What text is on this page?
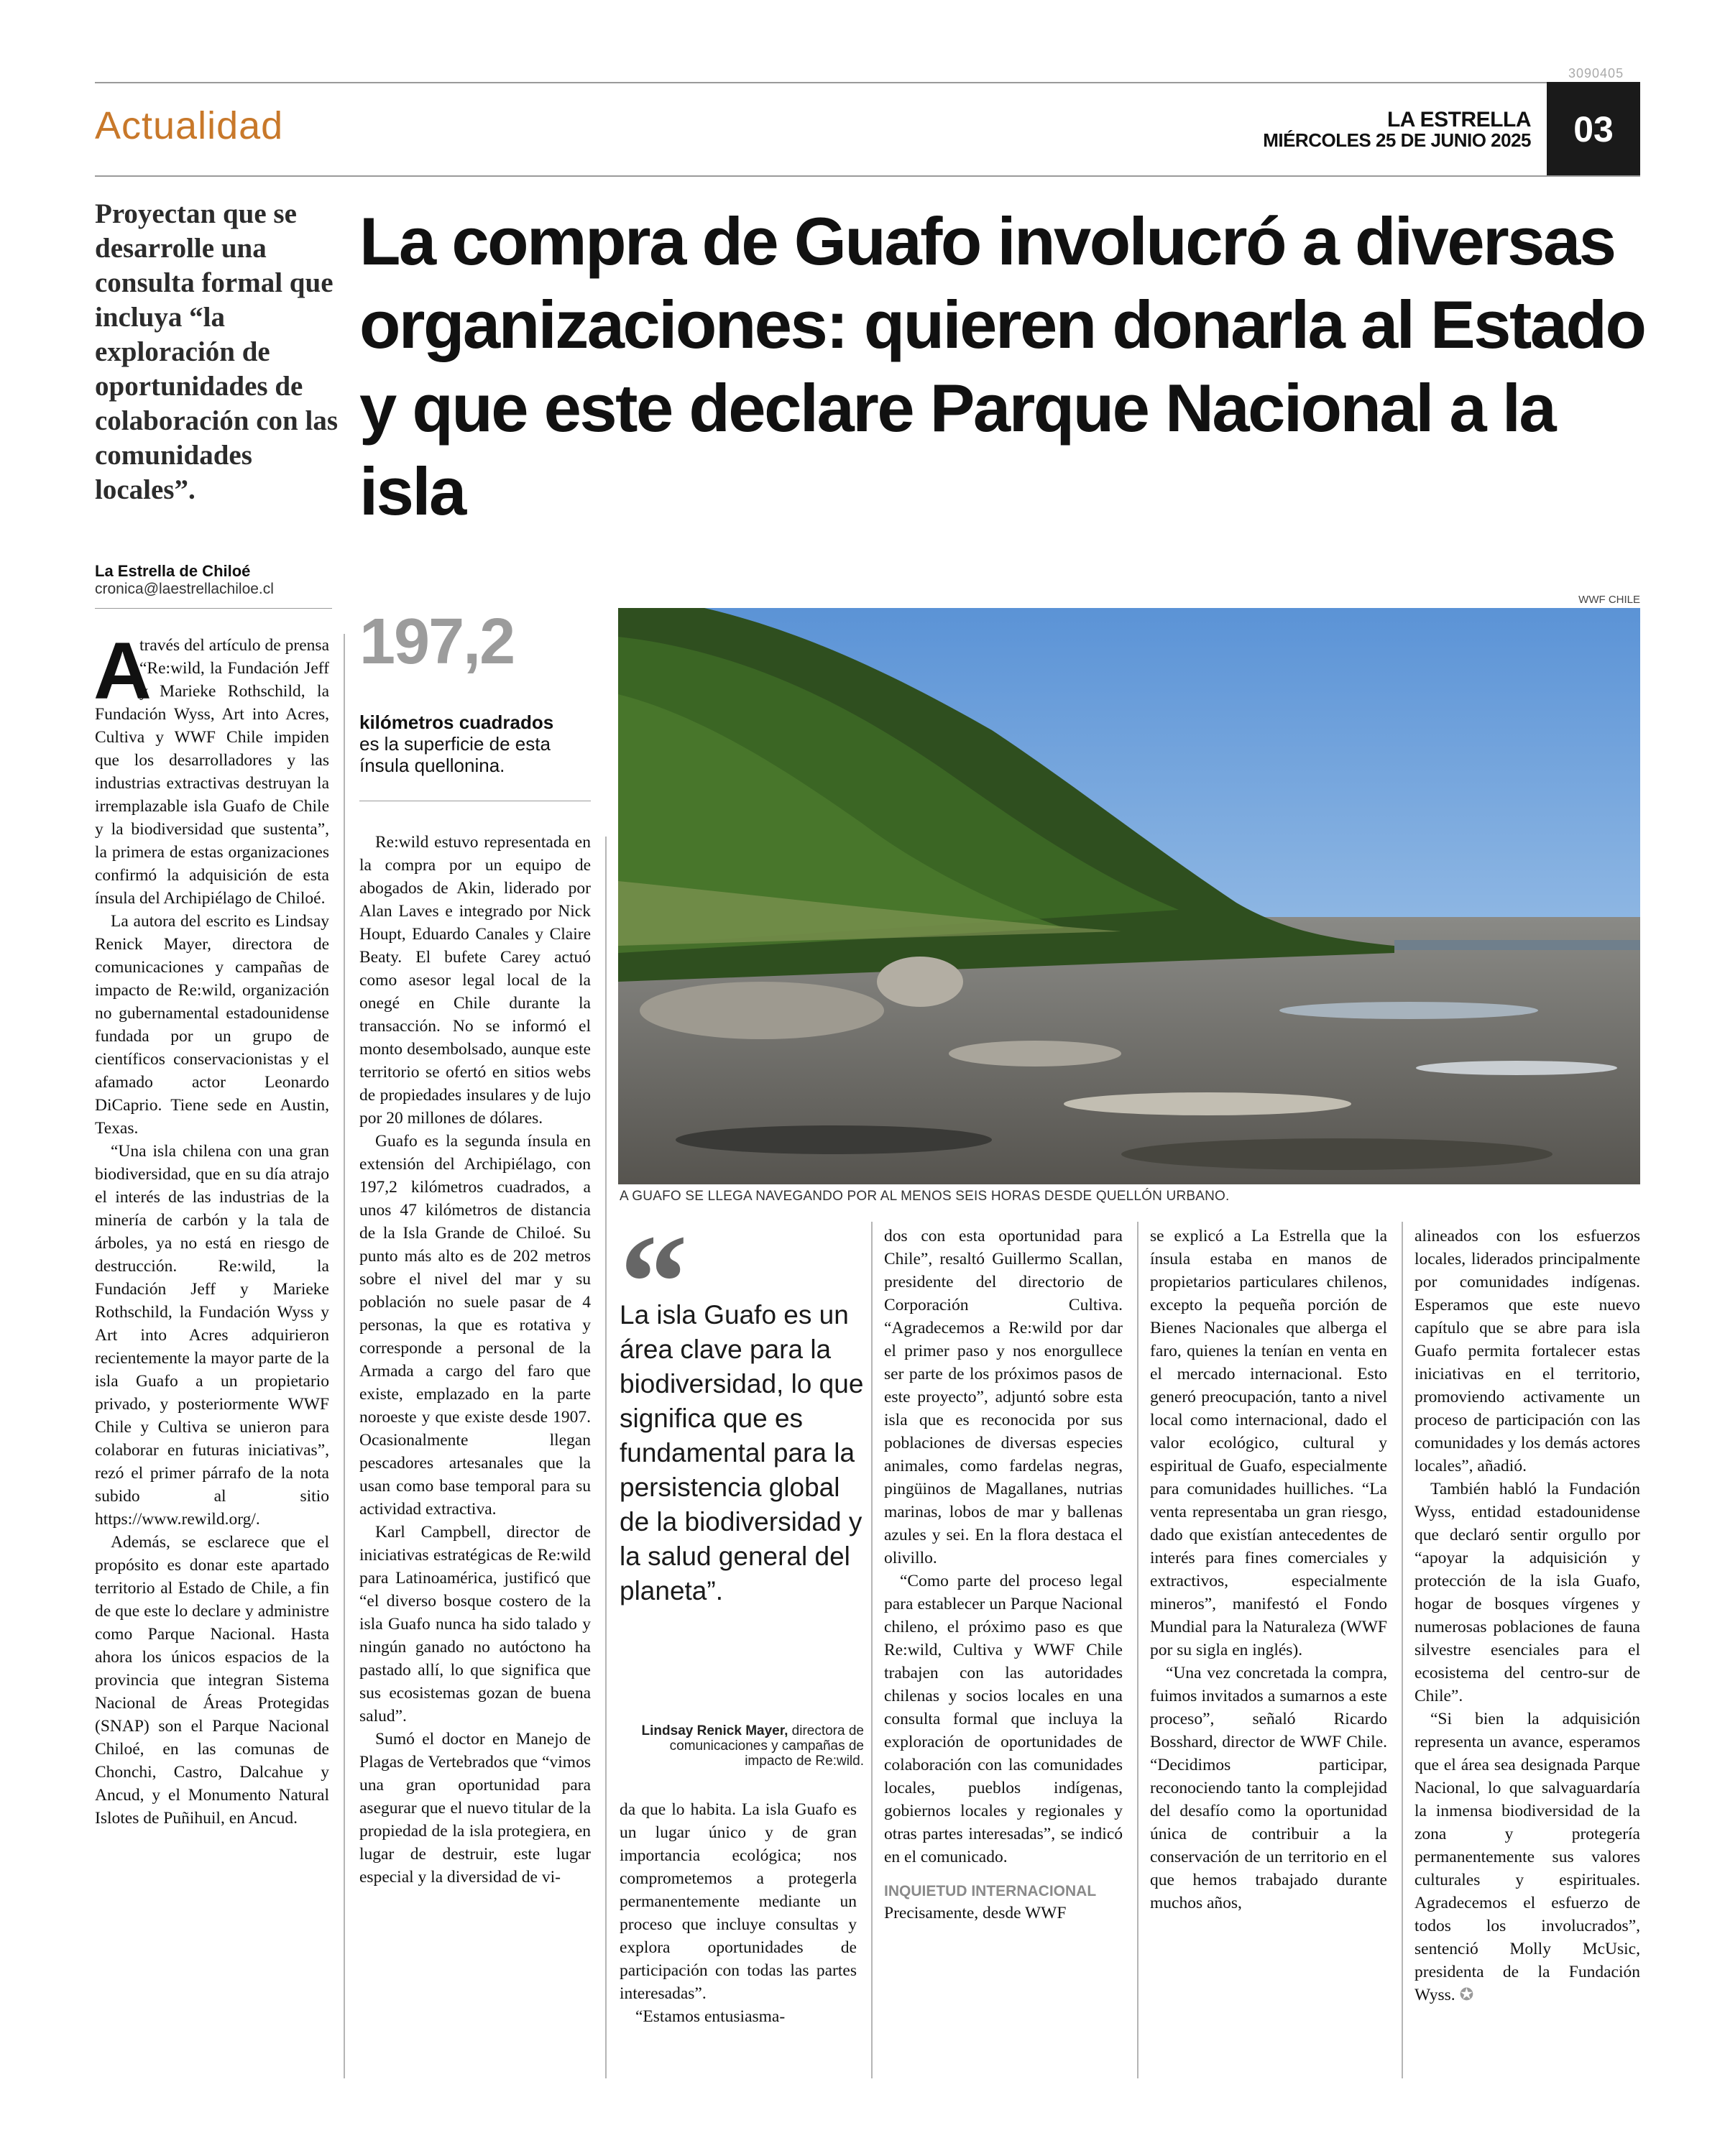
3090405
Actualidad	LA ESTRELLA
MIÉRCOLES 25 DE JUNIO 2025 03
Proyectan que se desarrolle una consulta formal que incluya “la exploración de oportunidades de colaboración con las comunidades locales”.
La Estrella de Chiloé
cronica@laestrellachiloe.cl
La compra de Guafo involucró a diversas organizaciones: quieren donarla al Estado y que este declare Parque Nacional a la isla
197,2
kilómetros cuadrados
es la superficie de esta ínsula quellonina.
WWF CHILE
A GUAFO SE LLEGA NAVEGANDO POR AL MENOS SEIS HORAS DESDE QUELLÓN URBANO.
A

través del artículo de prensa “Re:wild, la Fundación Jeff y Marieke Rothschild, la Fundación Wyss, Art into Acres, Cultiva y WWF Chile impiden que los desarrolladores y las industrias extractivas destruyan la irremplazable isla Guafo de Chile y la biodiversidad que sustenta”, la primera de estas organizaciones confirmó la adquisición de esta ínsula del Archipiélago de Chiloé.

La autora del escrito es Lindsay Renick Mayer, directora de comunicaciones y campañas de impacto de Re:wild, organización no gubernamental estadounidense fundada por un grupo de científicos conservacionistas y el afamado actor Leonardo DiCaprio. Tiene sede en Austin, Texas.

“Una isla chilena con una gran biodiversidad, que en su día atrajo el interés de las industrias de la minería de carbón y la tala de árboles, ya no está en riesgo de destrucción. Re:wild, la Fundación Jeff y Marieke Rothschild, la Fundación Wyss y Art into Acres adquirieron recientemente la mayor parte de la isla Guafo a un propietario privado, y posteriormente WWF Chile y Cultiva se unieron para colaborar en futuras iniciativas”, rezó el primer párrafo de la nota subido al sitio https://www.rewild.org/.

Además, se esclarece que el propósito es donar este apartado territorio al Estado de Chile, a fin de que este lo declare y administre como Parque Nacional. Hasta ahora los únicos espacios de la provincia que integran Sistema Nacional de Áreas Protegidas (SNAP) son el Parque Nacional Chiloé, en las comunas de Chonchi, Castro, Dalcahue y Ancud, y el Monumento Natural Islotes de Puñihuil, en Ancud.

Re:wild estuvo representada en la compra por un equipo de abogados de Akin, liderado por Alan Laves e integrado por Nick Houpt, Eduardo Canales y Claire Beaty. El bufete Carey actuó como asesor legal local de la onegé en Chile durante la transacción. No se informó el monto desembolsado, aunque este territorio se ofertó en sitios webs de propiedades insulares y de lujo por 20 millones de dólares.

Guafo es la segunda ínsula en extensión del Archipiélago, con 197,2 kilómetros cuadrados, a unos 47 kilómetros de distancia de la Isla Grande de Chiloé. Su punto más alto es de 202 metros sobre el nivel del mar y su población no suele pasar de 4 personas, la que es rotativa y corresponde a personal de la Armada a cargo del faro que existe, emplazado en la parte noroeste y que existe desde 1907. Ocasionalmente llegan pescadores artesanales que la usan como base temporal para su actividad extractiva.

Karl Campbell, director de iniciativas estratégicas de Re:wild para Latinoamérica, justificó que “el diverso bosque costero de la isla Guafo nunca ha sido talado y ningún ganado no autóctono ha pastado allí, lo que significa que sus ecosistemas gozan de buena salud”.

Sumó el doctor en Manejo de Plagas de Vertebrados que “vimos una gran oportunidad para asegurar que el nuevo titular de la propiedad de la isla protegiera, en lugar de destruir, este lugar especial y la diversidad de vi-

“
La isla Guafo es un área clave para la biodiversidad, lo que significa que es fundamental para la persistencia global de la biodiversidad y la salud general del planeta”.
Lindsay Renick Mayer, directora de comunicaciones y campañas de impacto de Re:wild.

da que lo habita. La isla Guafo es un lugar único y de gran importancia ecológica; nos comprometemos a protegerla permanentemente mediante un proceso que incluye consultas y explora oportunidades de participación con todas las partes interesadas”.

“Estamos entusiasma-

dos con esta oportunidad para Chile”, resaltó Guillermo Scallan, presidente del directorio de Corporación Cultiva. “Agradecemos a Re:wild por dar el primer paso y nos enorgullece ser parte de los próximos pasos de este proyecto”, adjuntó sobre esta isla que es reconocida por sus poblaciones de diversas especies animales, como fardelas negras, pingüinos de Magallanes, nutrias marinas, lobos de mar y ballenas azules y sei. En la flora destaca el olivillo.

“Como parte del proceso legal para establecer un Parque Nacional chileno, el próximo paso es que Re:wild, Cultiva y WWF Chile trabajen con las autoridades chilenas y socios locales en una consulta formal que incluya la exploración de oportunidades de colaboración con las comunidades locales, pueblos indígenas, gobiernos locales y regionales y otras partes interesadas”, se indicó en el comunicado.

INQUIETUD INTERNACIONAL

Precisamente, desde WWF

se explicó a La Estrella que la ínsula estaba en manos de propietarios particulares chilenos, excepto la pequeña porción de Bienes Nacionales que alberga el faro, quienes la tenían en venta en el mercado internacional. Esto generó preocupación, tanto a nivel local como internacional, dado el valor ecológico, cultural y espiritual de Guafo, especialmente para comunidades huilliches. “La venta representaba un gran riesgo, dado que existían antecedentes de interés para fines comerciales y extractivos, especialmente mineros”, manifestó el Fondo Mundial para la Naturaleza (WWF por su sigla en inglés).

“Una vez concretada la compra, fuimos invitados a sumarnos a este proceso”, señaló Ricardo Bosshard, director de WWF Chile. “Decidimos participar, reconociendo tanto la complejidad del desafío como la oportunidad única de contribuir a la conservación de un territorio en el que hemos trabajado durante muchos años,

alineados con los esfuerzos locales, liderados principalmente por comunidades indígenas. Esperamos que este nuevo capítulo que se abre para isla Guafo permita fortalecer estas iniciativas en el territorio, promoviendo activamente un proceso de participación con las comunidades y los demás actores locales”, añadió.

También habló la Fundación Wyss, entidad estadounidense que declaró sentir orgullo por “apoyar la adquisición y protección de la isla Guafo, hogar de bosques vírgenes y numerosas poblaciones de fauna silvestre esenciales para el ecosistema del centro-sur de Chile”.

“Si bien la adquisición representa un avance, esperamos que el área sea designada Parque Nacional, lo que salvaguardaría la inmensa biodiversidad de la zona y protegería permanentemente sus valores culturales y espirituales. Agradecemos el esfuerzo de todos los involucrados”, sentenció Molly McUsic, presidenta de la Fundación Wyss. ✪
